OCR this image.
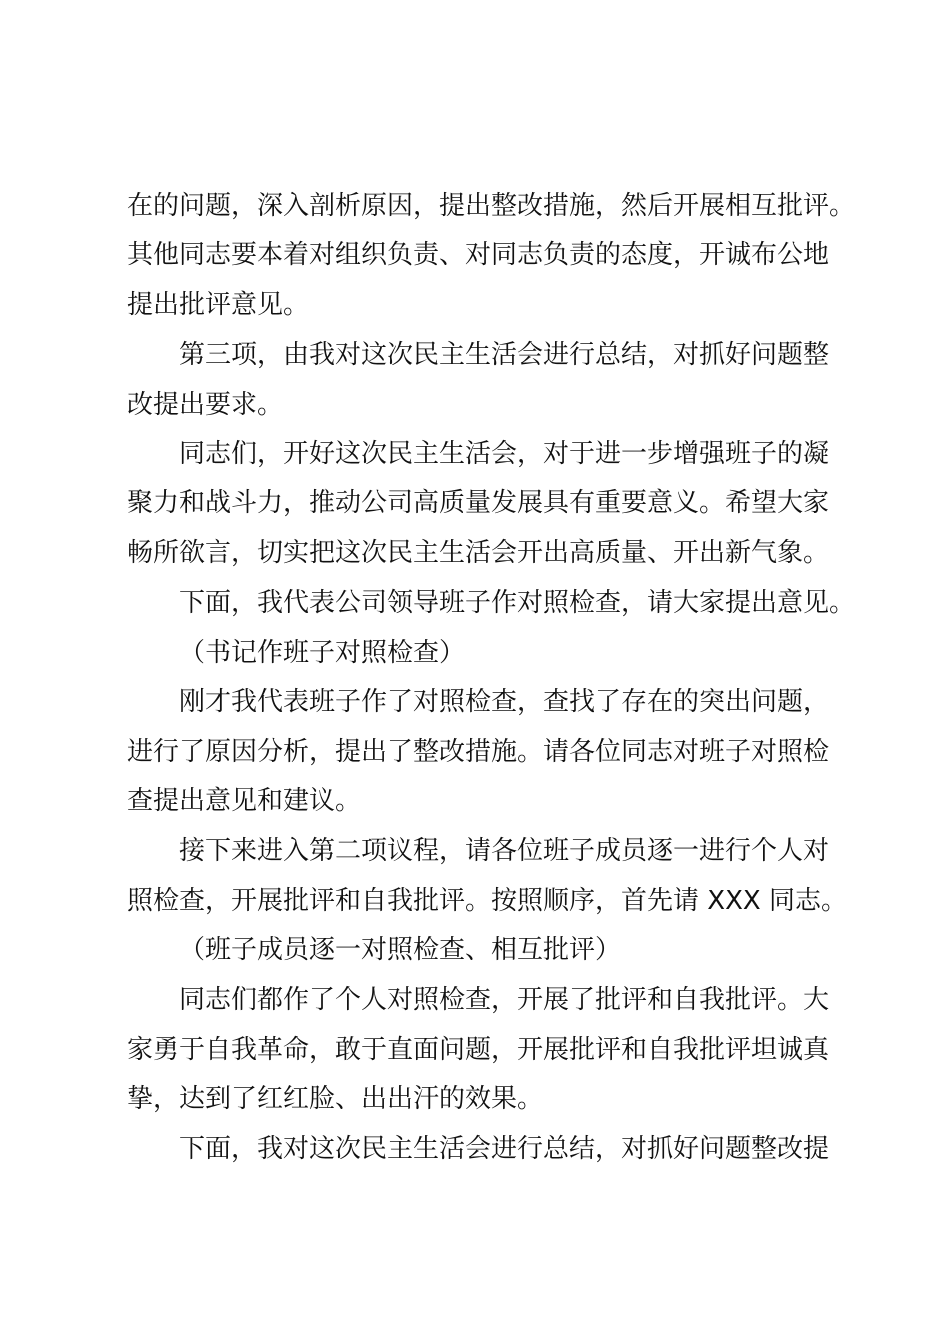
在的问题，深入剖析原因，提出整改措施，然后开展相互批评。
其他同志要本着对组织负责、对同志负责的态度，开诚布公地
提出批评意见。
第三项，由我对这次民主生活会进行总结，对抓好问题整
改提出要求。
同志们，开好这次民主生活会，对于进一步增强班子的凝
聚力和战斗力，推动公司高质量发展具有重要意义。希望大家
畅所欲言，切实把这次民主生活会开出高质量、开出新气象。
下面，我代表公司领导班子作对照检查，请大家提出意见。
（书记作班子对照检查）
刚才我代表班子作了对照检查，查找了存在的突出问题，
进行了原因分析，提出了整改措施。请各位同志对班子对照检
查提出意见和建议。
接下来进入第二项议程，请各位班子成员逐一进行个人对
照检查，开展批评和自我批评。按照顺序，首先请 XXX 同志。
（班子成员逐一对照检查、相互批评）
同志们都作了个人对照检查，开展了批评和自我批评。大
家勇于自我革命，敢于直面问题，开展批评和自我批评坦诚真
挚，达到了红红脸、出出汗的效果。
下面，我对这次民主生活会进行总结，对抓好问题整改提
